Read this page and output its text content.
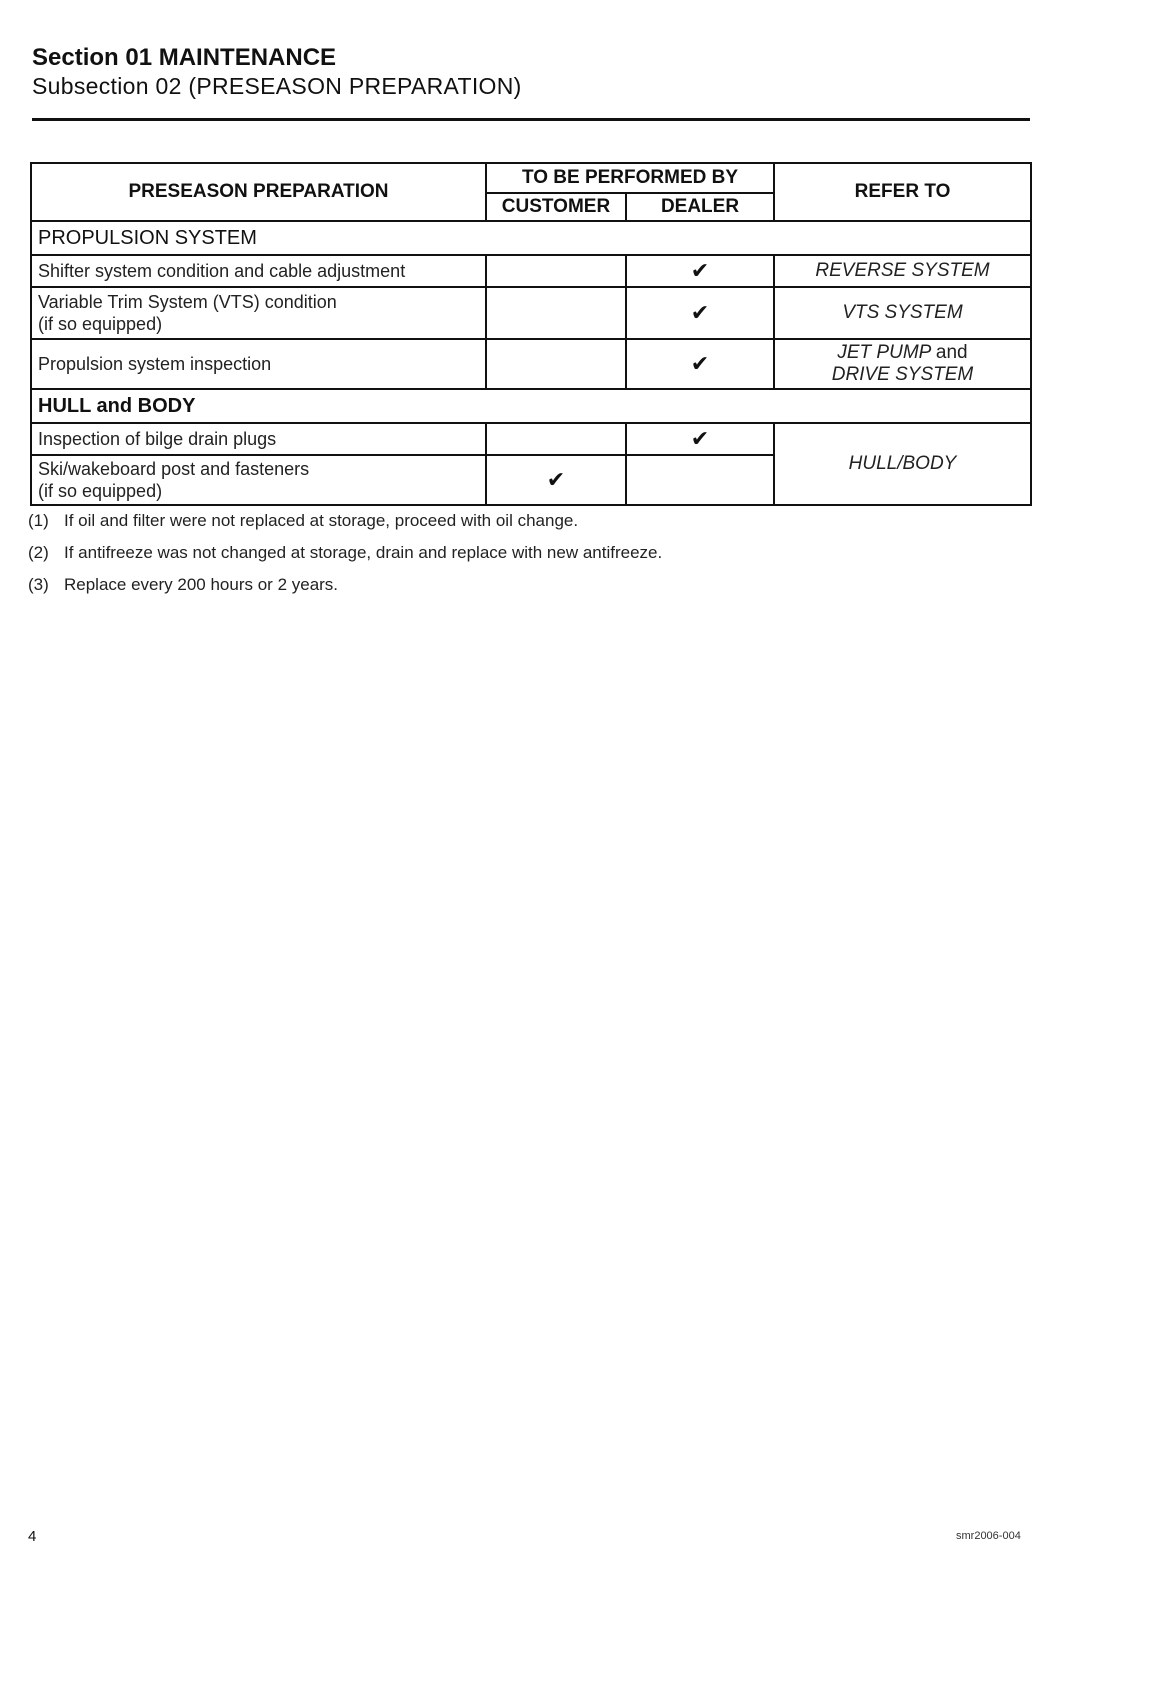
Section 01 MAINTENANCE
Subsection 02 (PRESEASON PREPARATION)
PRESEASON PREPARATION	TO BE PERFORMED BY		REFER TO
	CUSTOMER	DEALER	
PROPULSION SYSTEM			
Shifter system condition and cable adjustment		✔	REVERSE SYSTEM

Variable Trim System (VTS) condition
(if so equipped)		✔	VTS SYSTEM
Propulsion system inspection		✔	JET PUMP and
DRIVE SYSTEM

HULL and BODY			
Inspection of bilge drain plugs		✔	HULL/BODY

Ski/wakeboard post and fasteners
(if so equipped)	✔		
(1) If oil and filter were not replaced at storage, proceed with oil change.
(2) If antifreeze was not changed at storage, drain and replace with new antifreeze.
(3) Replace every 200 hours or 2 years.
4	smr2006-004
